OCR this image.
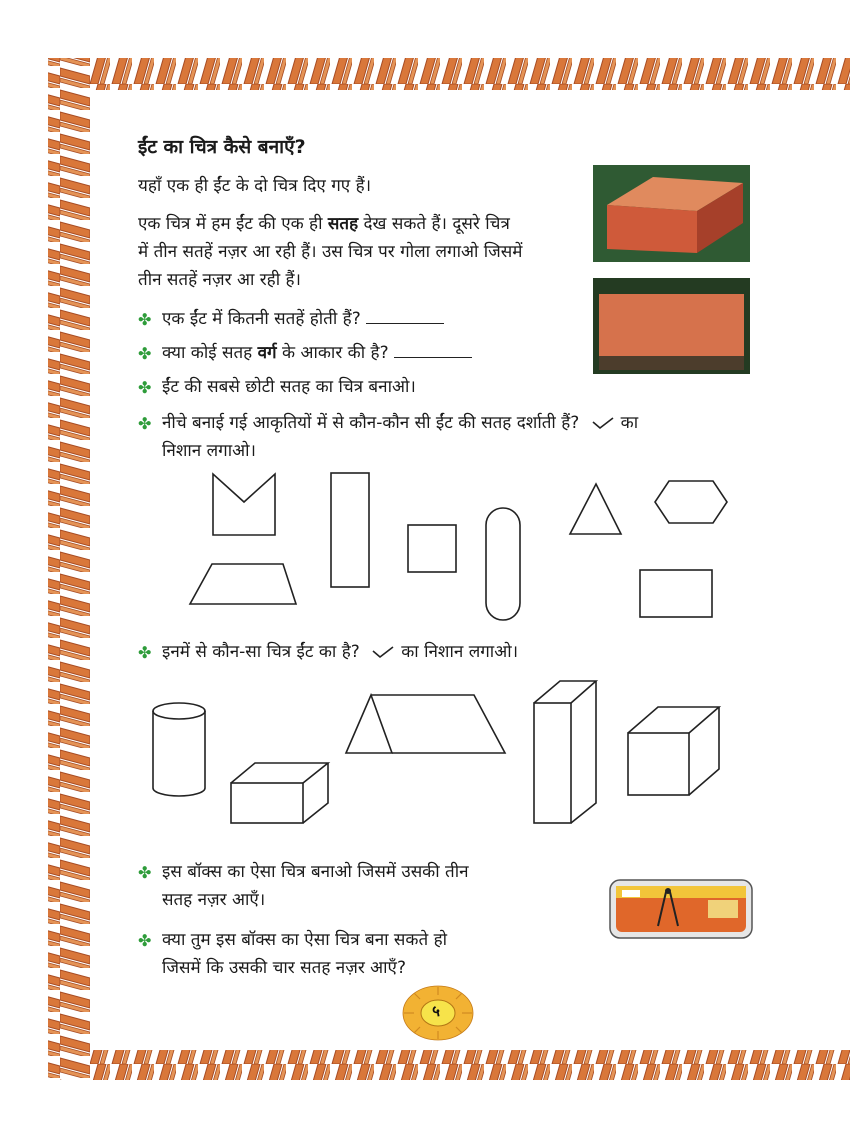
ईंट का चित्र कैसे बनाएँ?

यहाँ एक ही ईंट के दो चित्र दिए गए हैं।

एक चित्र में हम ईंट की एक ही सतह देख सकते हैं। दूसरे चित्र
में तीन सतहें नज़र आ रही हैं। उस चित्र पर गोला लगाओ जिसमें
तीन सतहें नज़र आ रही हैं।
✤ एक ईंट में कितनी सतहें होती हैं?
✤ क्या कोई सतह वर्ग के आकार की है?
✤ ईंट की सबसे छोटी सतह का चित्र बनाओ।
✤ नीचे बनाई गई आकृतियों में से कौन-कौन सी ईंट की सतह दर्शाती हैं? का
निशान लगाओ।
✤ इनमें से कौन-सा चित्र ईंट का है? का निशान लगाओ।
✤ इस बॉक्स का ऐसा चित्र बनाओ जिसमें उसकी तीन
सतह नज़र आएँ।
✤ क्या तुम इस बॉक्स का ऐसा चित्र बना सकते हो
जिसमें कि उसकी चार सतह नज़र आएँ?
५
